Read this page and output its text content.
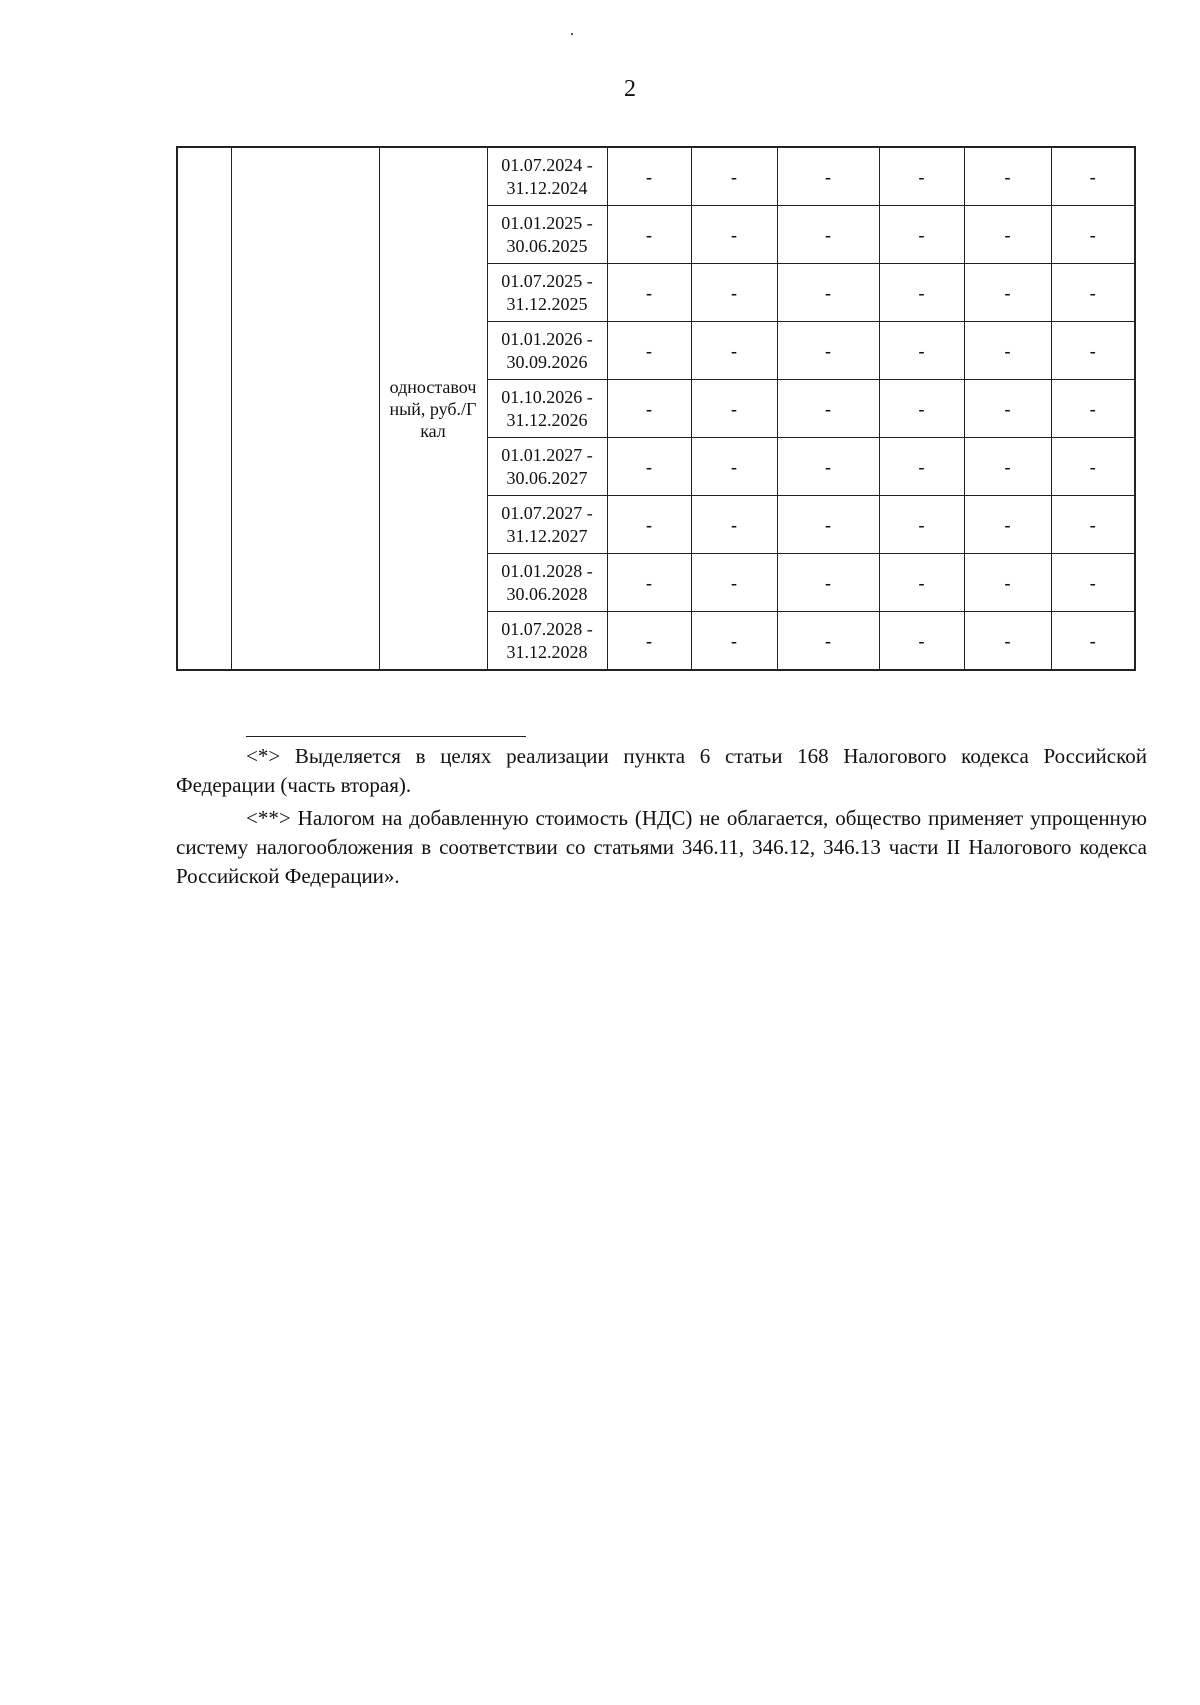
.
2

		одноставочный, руб./Гкал	01.07.2024 -
31.12.2024	-	-	-	-	-	-

			01.01.2025 -
30.06.2025	-	-	-	-	-	-

			01.07.2025 -
31.12.2025	-	-	-	-	-	-

			01.01.2026 -
30.09.2026	-	-	-	-	-	-

			01.10.2026 -
31.12.2026	-	-	-	-	-	-

			01.01.2027 -
30.06.2027	-	-	-	-	-	-

			01.07.2027 -
31.12.2027	-	-	-	-	-	-

			01.01.2028 -
30.06.2028	-	-	-	-	-	-

			01.07.2028 -
31.12.2028	-	-	-	-	-	-

<*> Выделяется в целях реализации пункта 6 статьи 168 Налогового кодекса Российской Федерации (часть вторая).

<**> Налогом на добавленную стоимость (НДС) не облагается, общество применяет упрощенную систему налогообложения в соответствии со статьями 346.11, 346.12, 346.13 части II Налогового кодекса Российской Федерации».
